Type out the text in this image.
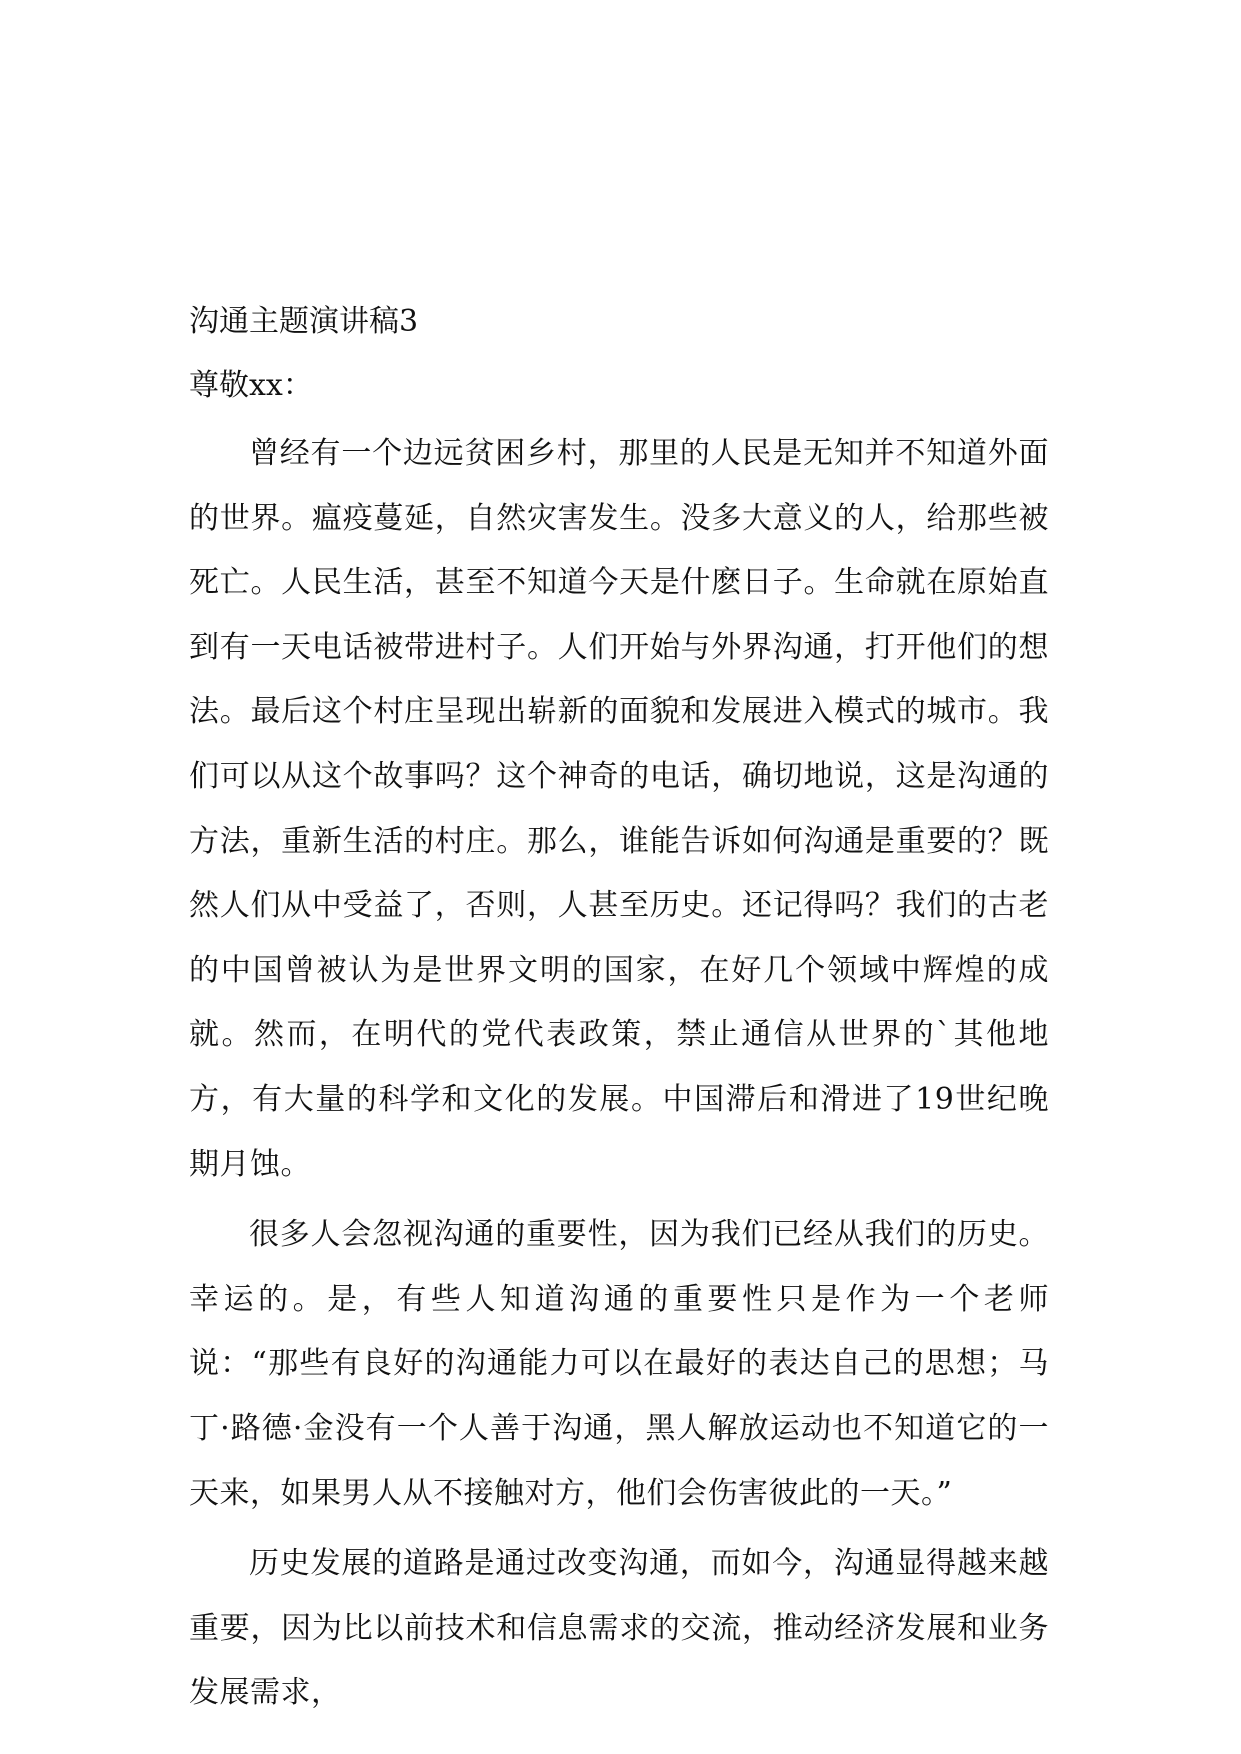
沟通主题演讲稿3

尊敬xx：

曾经有一个边远贫困乡村，那里的人民是无知并不知道外面的世界。瘟疫蔓延，自然灾害发生。没多大意义的人，给那些被死亡。人民生活，甚至不知道今天是什麽日子。生命就在原始直到有一天电话被带进村子。人们开始与外界沟通，打开他们的想法。最后这个村庄呈现出崭新的面貌和发展进入模式的城市。我们可以从这个故事吗？这个神奇的电话，确切地说，这是沟通的方法，重新生活的村庄。那么，谁能告诉如何沟通是重要的？既然人们从中受益了，否则，人甚至历史。还记得吗？我们的古老的中国曾被认为是世界文明的国家，在好几个领域中辉煌的成就。然而，在明代的党代表政策，禁止通信从世界的`其他地方，有大量的科学和文化的发展。中国滞后和滑进了19世纪晚期月蚀。

很多人会忽视沟通的重要性，因为我们已经从我们的历史。幸运的。是，有些人知道沟通的重要性只是作为一个老师说：“那些有良好的沟通能力可以在最好的表达自己的思想；马丁·路德·金没有一个人善于沟通，黑人解放运动也不知道它的一天来，如果男人从不接触对方，他们会伤害彼此的一天。”

历史发展的道路是通过改变沟通，而如今，沟通显得越来越重要，因为比以前技术和信息需求的交流，推动经济发展和业务发展需求，
